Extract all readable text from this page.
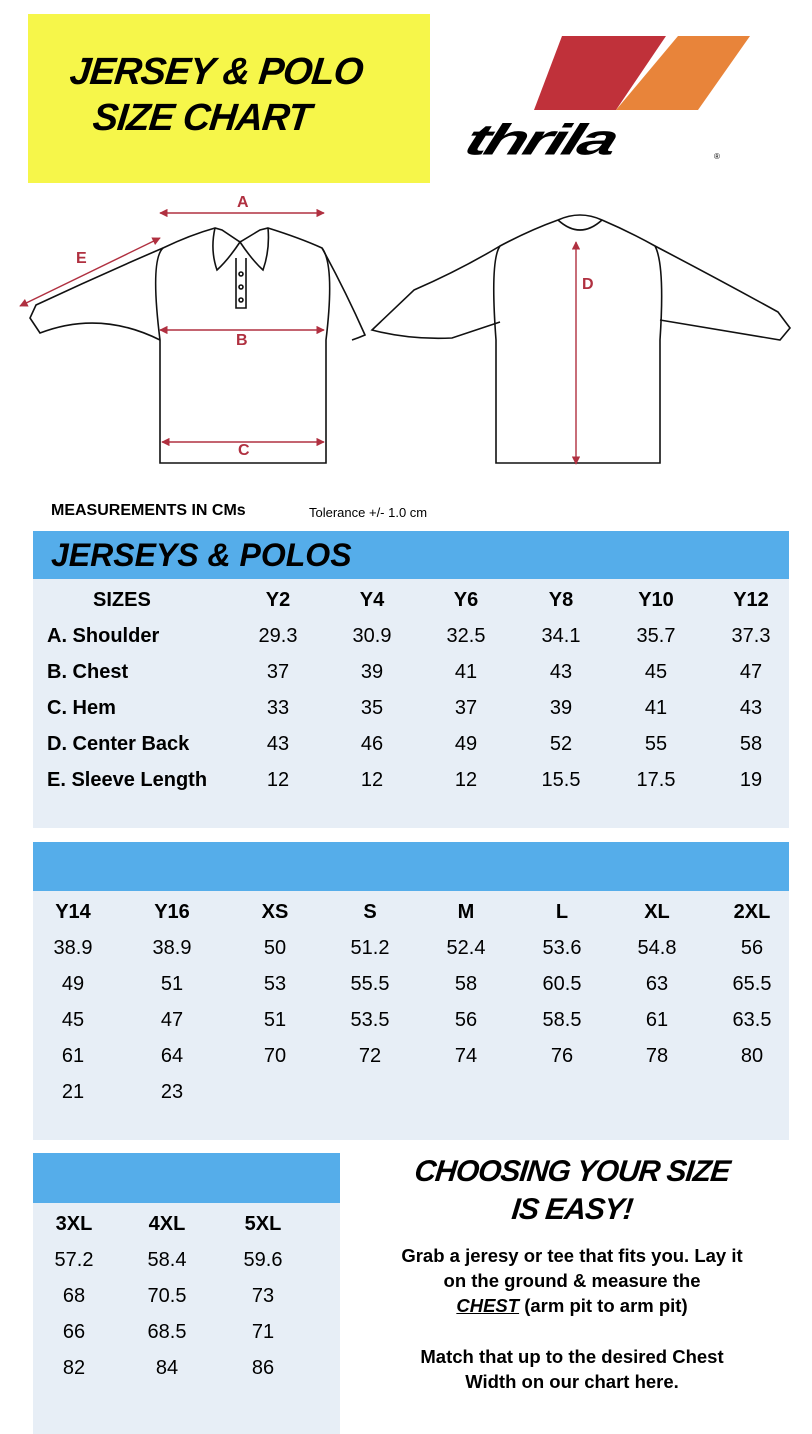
JERSEY & POLO
SIZE CHART thrila	®
A
B
C
D
E
MEASUREMENTS IN CMs	Tolerance +/- 1.0 cm
JERSEYS & POLOS
SIZES	Y2	Y4	Y6	Y8	Y10	Y12
A. Shoulder	29.3	30.9	32.5	34.1	35.7	37.3
B. Chest	37	39	41	43	45	47
C. Hem	33	35	37	39	41	43
D. Center Back	43	46	49	52	55	58
E. Sleeve Length	12	12	12	15.5	17.5	19
Y14	Y16	XS	S	M	L	XL	2XL
38.9	38.9	50	51.2	52.4	53.6	54.8	56
49	51	53	55.5	58	60.5	63	65.5
45	47	51	53.5	56	58.5	61	63.5
61	64	70	72	74	76	78	80
21	23
3XL	4XL	5XL
57.2	58.4	59.6
68	70.5	73
66	68.5	71
82	84	86
CHOOSING YOUR SIZE
IS EASY!
Grab a jeresy or tee that fits you. Lay it
on the ground & measure the
CHEST (arm pit to arm pit)
Match that up to the desired Chest
Width on our chart here.
